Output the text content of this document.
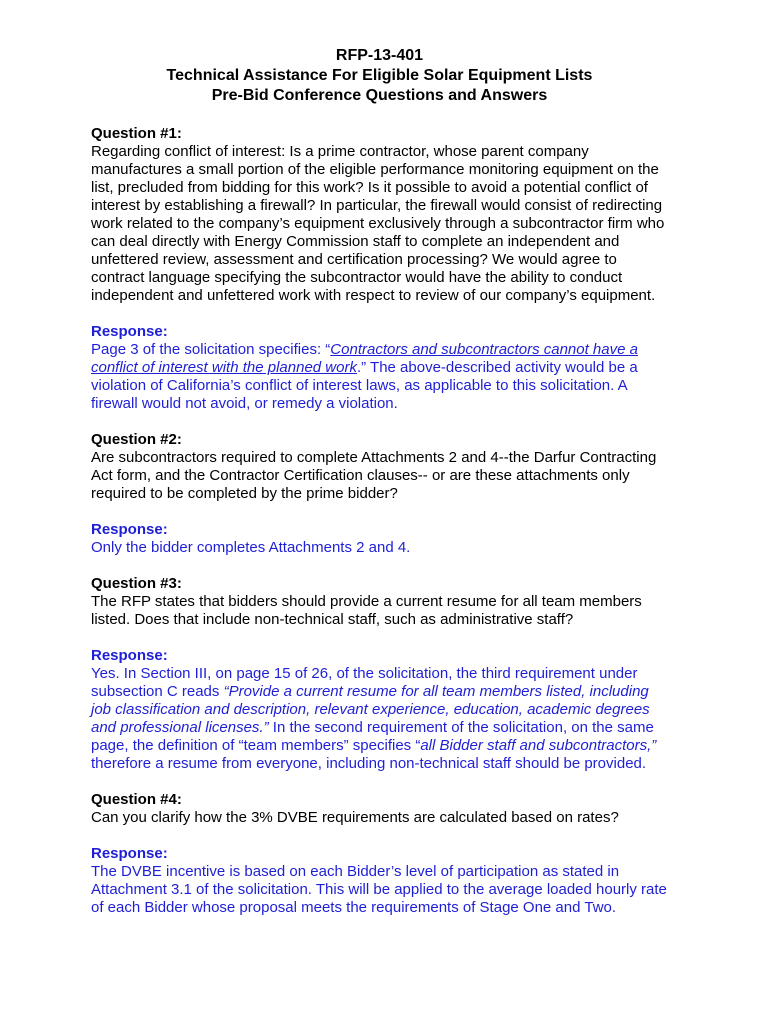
RFP-13-401
Technical Assistance For Eligible Solar Equipment Lists
Pre-Bid Conference Questions and Answers

Question #1:

Regarding conflict of interest: Is a prime contractor, whose parent company manufactures a small portion of the eligible performance monitoring equipment on the list, precluded from bidding for this work? Is it possible to avoid a potential conflict of interest by establishing a firewall? In particular, the firewall would consist of redirecting work related to the company’s equipment exclusively through a subcontractor firm who can deal directly with Energy Commission staff to complete an independent and unfettered review, assessment and certification processing? We would agree to contract language specifying the subcontractor would have the ability to conduct independent and unfettered work with respect to review of our company’s equipment.

Response:

Page 3 of the solicitation specifies: “Contractors and subcontractors cannot have a conflict of interest with the planned work.” The above-described activity would be a violation of California’s conflict of interest laws, as applicable to this solicitation. A firewall would not avoid, or remedy a violation.

Question #2:

Are subcontractors required to complete Attachments 2 and 4--the Darfur Contracting Act form, and the Contractor Certification clauses-- or are these attachments only required to be completed by the prime bidder?

Response:

Only the bidder completes Attachments 2 and 4.

Question #3:

The RFP states that bidders should provide a current resume for all team members listed. Does that include non-technical staff, such as administrative staff?

Response:

Yes. In Section III, on page 15 of 26, of the solicitation, the third requirement under subsection C reads “Provide a current resume for all team members listed, including job classification and description, relevant experience, education, academic degrees and professional licenses.” In the second requirement of the solicitation, on the same page, the definition of “team members” specifies “all Bidder staff and subcontractors,” therefore a resume from everyone, including non-technical staff should be provided.

Question #4:

Can you clarify how the 3% DVBE requirements are calculated based on rates?

Response:

The DVBE incentive is based on each Bidder’s level of participation as stated in Attachment 3.1 of the solicitation. This will be applied to the average loaded hourly rate of each Bidder whose proposal meets the requirements of Stage One and Two.
